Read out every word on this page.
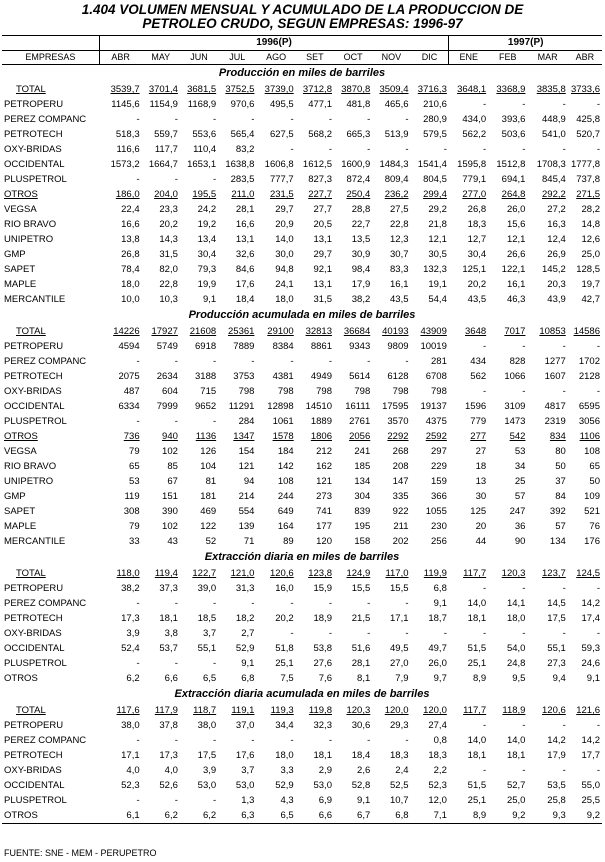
1.404 VOLUMEN MENSUAL Y ACUMULADO DE LA PRODUCCION DE
PETROLEO CRUDO, SEGUN EMPRESAS: 1996-97
	1996(P)									1997(P)			
EMPRESAS	ABR	MAY	JUN	JUL	AGO	SET	OCT	NOV	DIC	ENE	FEB	MAR	ABR
Producción en miles de barriles													
TOTAL	3539,7	3701,4	3681,5	3752,5	3739,0	3712,8	3870,8	3509,4	3716,3	3648,1	3368,9	3835,8	3733,6
PETROPERU	1145,6	1154,9	1168,9	970,6	495,5	477,1	481,8	465,6	210,6	-	-	-	-
PEREZ COMPANC	-	-	-	-	-	-	-	-	280,9	434,0	393,6	448,9	425,8
PETROTECH	518,3	559,7	553,6	565,4	627,5	568,2	665,3	513,9	579,5	562,2	503,6	541,0	520,7
OXY-BRIDAS	116,6	117,7	110,4	83,2	-	-	-	-	-	-	-	-	-
OCCIDENTAL	1573,2	1664,7	1653,1	1638,8	1606,8	1612,5	1600,9	1484,3	1541,4	1595,8	1512,8	1708,3	1777,8
PLUSPETROL	-	-	-	283,5	777,7	827,3	872,4	809,4	804,5	779,1	694,1	845,4	737,8
OTROS	186,0	204,0	195,5	211,0	231,5	227,7	250,4	236,2	299,4	277,0	264,8	292,2	271,5
VEGSA	22,4	23,3	24,2	28,1	29,7	27,7	28,8	27,5	29,2	26,8	26,0	27,2	28,2
RIO BRAVO	16,6	20,2	19,2	16,6	20,9	20,5	22,7	22,8	21,8	18,3	15,6	16,3	14,8
UNIPETRO	13,8	14,3	13,4	13,1	14,0	13,1	13,5	12,3	12,1	12,7	12,1	12,4	12,6
GMP	26,8	31,5	30,4	32,6	30,0	29,7	30,9	30,7	30,5	30,4	26,6	26,9	25,0
SAPET	78,4	82,0	79,3	84,6	94,8	92,1	98,4	83,3	132,3	125,1	122,1	145,2	128,5
MAPLE	18,0	22,8	19,9	17,6	24,1	13,1	17,9	16,1	19,1	20,2	16,1	20,3	19,7
MERCANTILE	10,0	10,3	9,1	18,4	18,0	31,5	38,2	43,5	54,4	43,5	46,3	43,9	42,7
Producción acumulada en miles de barriles													
TOTAL	14226	17927	21608	25361	29100	32813	36684	40193	43909	3648	7017	10853	14586
PETROPERU	4594	5749	6918	7889	8384	8861	9343	9809	10019	-	-	-	-
PEREZ COMPANC	-	-	-	-	-	-	-	-	281	434	828	1277	1702
PETROTECH	2075	2634	3188	3753	4381	4949	5614	6128	6708	562	1066	1607	2128
OXY-BRIDAS	487	604	715	798	798	798	798	798	798	-	-	-	-
OCCIDENTAL	6334	7999	9652	11291	12898	14510	16111	17595	19137	1596	3109	4817	6595
PLUSPETROL	-	-	-	284	1061	1889	2761	3570	4375	779	1473	2319	3056
OTROS	736	940	1136	1347	1578	1806	2056	2292	2592	277	542	834	1106
VEGSA	79	102	126	154	184	212	241	268	297	27	53	80	108
RIO BRAVO	65	85	104	121	142	162	185	208	229	18	34	50	65
UNIPETRO	53	67	81	94	108	121	134	147	159	13	25	37	50
GMP	119	151	181	214	244	273	304	335	366	30	57	84	109
SAPET	308	390	469	554	649	741	839	922	1055	125	247	392	521
MAPLE	79	102	122	139	164	177	195	211	230	20	36	57	76
MERCANTILE	33	43	52	71	89	120	158	202	256	44	90	134	176
Extracción diaria en miles de barriles													
TOTAL	118,0	119,4	122,7	121,0	120,6	123,8	124,9	117,0	119,9	117,7	120,3	123,7	124,5
PETROPERU	38,2	37,3	39,0	31,3	16,0	15,9	15,5	15,5	6,8	-	-	-	-
PEREZ COMPANC	-	-	-	-	-	-	-	-	9,1	14,0	14,1	14,5	14,2
PETROTECH	17,3	18,1	18,5	18,2	20,2	18,9	21,5	17,1	18,7	18,1	18,0	17,5	17,4
OXY-BRIDAS	3,9	3,8	3,7	2,7	-	-	-	-	-	-	-	-	-
OCCIDENTAL	52,4	53,7	55,1	52,9	51,8	53,8	51,6	49,5	49,7	51,5	54,0	55,1	59,3
PLUSPETROL	-	-	-	9,1	25,1	27,6	28,1	27,0	26,0	25,1	24,8	27,3	24,6
OTROS	6,2	6,6	6,5	6,8	7,5	7,6	8,1	7,9	9,7	8,9	9,5	9,4	9,1
Extracción diaria acumulada en miles de barriles													
TOTAL	117,6	117,9	118,7	119,1	119,3	119,8	120,3	120,0	120,0	117,7	118,9	120,6	121,6
PETROPERU	38,0	37,8	38,0	37,0	34,4	32,3	30,6	29,3	27,4	-	-	-	-
PEREZ COMPANC	-	-	-	-	-	-	-	-	0,8	14,0	14,0	14,2	14,2
PETROTECH	17,1	17,3	17,5	17,6	18,0	18,1	18,4	18,3	18,3	18,1	18,1	17,9	17,7
OXY-BRIDAS	4,0	4,0	3,9	3,7	3,3	2,9	2,6	2,4	2,2	-	-	-	-
OCCIDENTAL	52,3	52,6	53,0	53,0	52,9	53,0	52,8	52,5	52,3	51,5	52,7	53,5	55,0
PLUSPETROL	-	-	-	1,3	4,3	6,9	9,1	10,7	12,0	25,1	25,0	25,8	25,5
OTROS	6,1	6,2	6,2	6,3	6,5	6,6	6,7	6,8	7,1	8,9	9,2	9,3	9,2
FUENTE: SNE - MEM - PERUPETRO
